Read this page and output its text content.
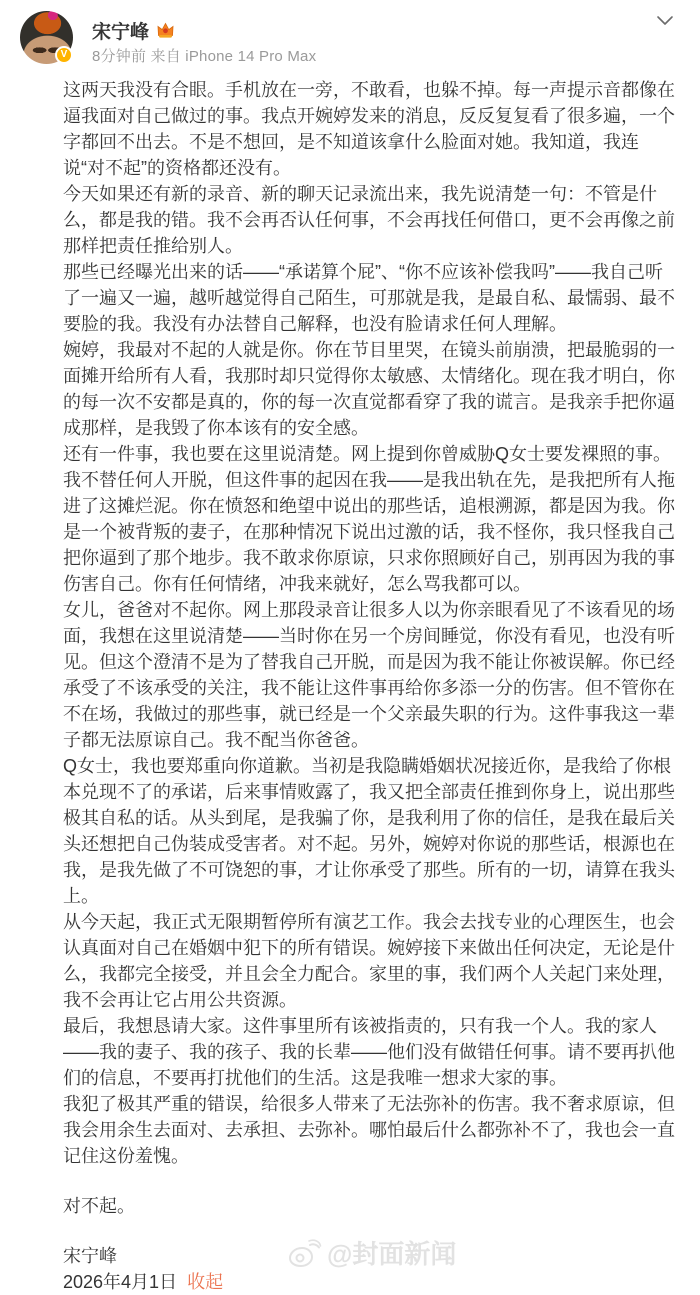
V
宋宁峰
8分钟前 来自 iPhone 14 Pro Max
这两天我没有合眼。手机放在一旁，不敢看，也躲不掉。每一声提示音都像在逼我面对自己做过的事。我点开婉婷发来的消息，反反复复看了很多遍，一个字都回不出去。不是不想回，是不知道该拿什么脸面对她。我知道，我连说“对不起”的资格都还没有。
今天如果还有新的录音、新的聊天记录流出来，我先说清楚一句：不管是什么，都是我的错。我不会再否认任何事，不会再找任何借口，更不会再像之前那样把责任推给别人。
那些已经曝光出来的话——“承诺算个屁”、“你不应该补偿我吗”——我自己听了一遍又一遍，越听越觉得自己陌生，可那就是我，是最自私、最懦弱、最不要脸的我。我没有办法替自己解释，也没有脸请求任何人理解。
婉婷，我最对不起的人就是你。你在节目里哭，在镜头前崩溃，把最脆弱的一面摊开给所有人看，我那时却只觉得你太敏感、太情绪化。现在我才明白，你的每一次不安都是真的，你的每一次直觉都看穿了我的谎言。是我亲手把你逼成那样，是我毁了你本该有的安全感。
还有一件事，我也要在这里说清楚。网上提到你曾威胁Q女士要发裸照的事。我不替任何人开脱，但这件事的起因在我——是我出轨在先，是我把所有人拖进了这摊烂泥。你在愤怒和绝望中说出的那些话，追根溯源，都是因为我。你是一个被背叛的妻子，在那种情况下说出过激的话，我不怪你，我只怪我自己把你逼到了那个地步。我不敢求你原谅，只求你照顾好自己，别再因为我的事伤害自己。你有任何情绪，冲我来就好，怎么骂我都可以。
女儿，爸爸对不起你。网上那段录音让很多人以为你亲眼看见了不该看见的场面，我想在这里说清楚——当时你在另一个房间睡觉，你没有看见，也没有听见。但这个澄清不是为了替我自己开脱，而是因为我不能让你被误解。你已经承受了不该承受的关注，我不能让这件事再给你多添一分的伤害。但不管你在不在场，我做过的那些事，就已经是一个父亲最失职的行为。这件事我这一辈子都无法原谅自己。我不配当你爸爸。
Q女士，我也要郑重向你道歉。当初是我隐瞒婚姻状况接近你，是我给了你根本兑现不了的承诺，后来事情败露了，我又把全部责任推到你身上，说出那些极其自私的话。从头到尾，是我骗了你，是我利用了你的信任，是我在最后关头还想把自己伪装成受害者。对不起。另外，婉婷对你说的那些话，根源也在我，是我先做了不可饶恕的事，才让你承受了那些。所有的一切，请算在我头上。
从今天起，我正式无限期暂停所有演艺工作。我会去找专业的心理医生，也会认真面对自己在婚姻中犯下的所有错误。婉婷接下来做出任何决定，无论是什么，我都完全接受，并且会全力配合。家里的事，我们两个人关起门来处理，我不会再让它占用公共资源。
最后，我想恳请大家。这件事里所有该被指责的，只有我一个人。我的家人——我的妻子、我的孩子、我的长辈——他们没有做错任何事。请不要再扒他们的信息，不要再打扰他们的生活。这是我唯一想求大家的事。
我犯了极其严重的错误，给很多人带来了无法弥补的伤害。我不奢求原谅，但我会用余生去面对、去承担、去弥补。哪怕最后什么都弥补不了，我也会一直记住这份羞愧。
对不起。
宋宁峰
2026年4月1日 收起
@封面新闻
